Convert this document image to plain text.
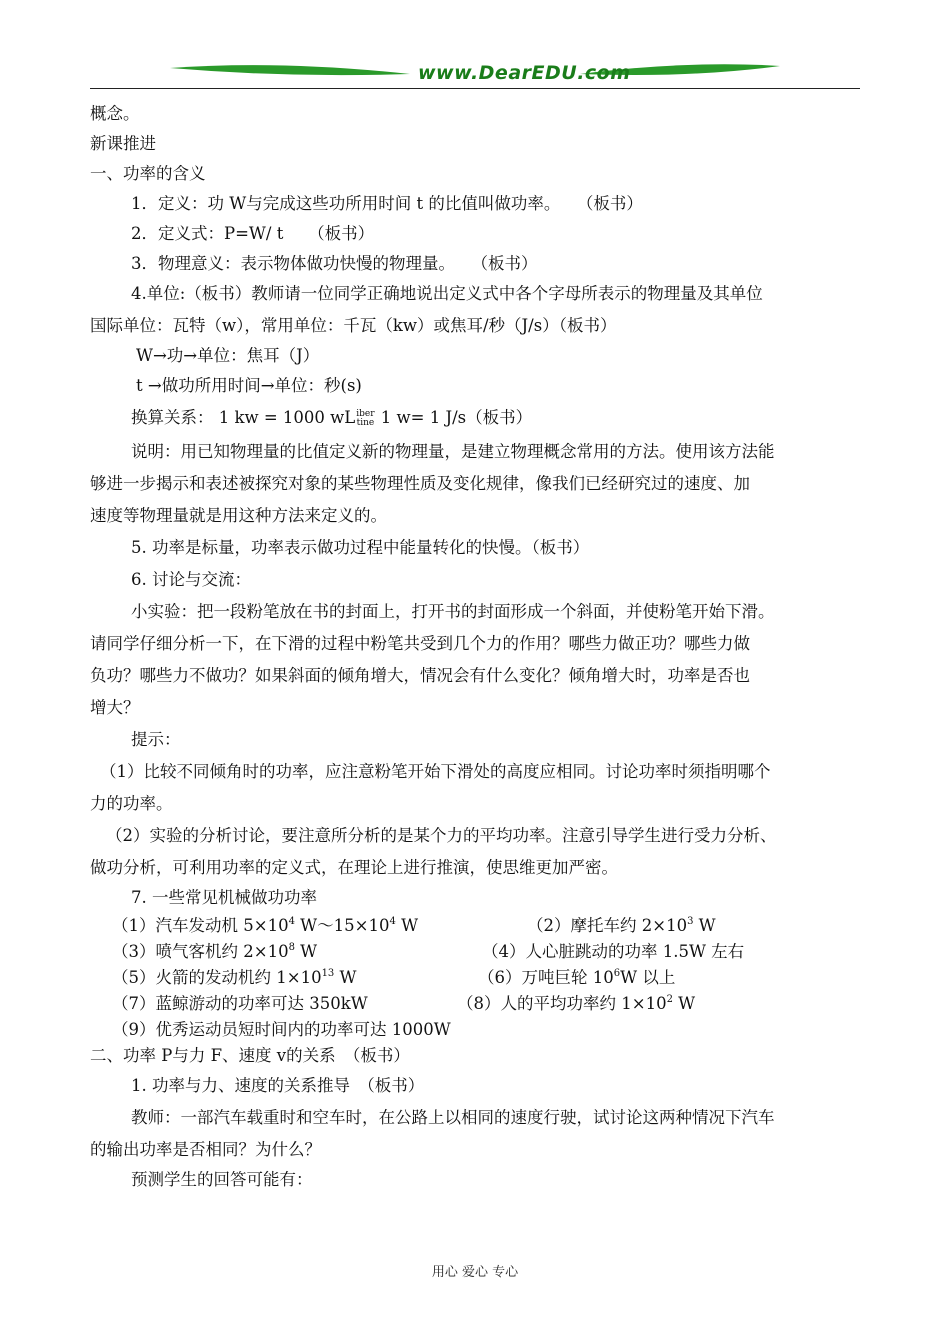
www.DearEDU.com
概念。
新课推进
一、功率的含义
1．定义：功 W与完成这些功所用时间 t 的比值叫做功率。　　（板书）
2．定义式：P=W/ t　　（板书）
3．物理意义：表示物体做功快慢的物理量。　　（板书）
4.单位:（板书）教师请一位同学正确地说出定义式中各个字母所表示的物理量及其单位
国际单位：瓦特（w），常用单位：千瓦（kw）或焦耳/秒（J/s）（板书）
W→功→单位：焦耳（J）
t →做功所用时间→单位：秒(s)
换算关系： 1 kw = 1000 wLiber
tine 1 w= 1 J/s（板书）
说明：用已知物理量的比值定义新的物理量，是建立物理概念常用的方法。使用该方法能
够进一步揭示和表述被探究对象的某些物理性质及变化规律，像我们已经研究过的速度、加
速度等物理量就是用这种方法来定义的。
5. 功率是标量，功率表示做功过程中能量转化的快慢。（板书）
6. 讨论与交流：
小实验：把一段粉笔放在书的封面上，打开书的封面形成一个斜面，并使粉笔开始下滑。
请同学仔细分析一下，在下滑的过程中粉笔共受到几个力的作用？哪些力做正功？哪些力做
负功？哪些力不做功？如果斜面的倾角增大，情况会有什么变化？倾角增大时，功率是否也
增大？
提示：
（1）比较不同倾角时的功率，应注意粉笔开始下滑处的高度应相同。讨论功率时须指明哪个
力的功率。
（2）实验的分析讨论，要注意所分析的是某个力的平均功率。注意引导学生进行受力分析、
做功分析，可利用功率的定义式，在理论上进行推演，使思维更加严密。
7. 一些常见机械做功功率
（1）汽车发动机 $5\times 10^4$ $W\sim 15\times 10^4$ W	（2）摩托车约 $2\times 10^3$ W
（3）喷气客机约 $2\times 10^8$ W	（4）人心脏跳动的功率 1.5W 左右
（5）火箭的发动机约 $1\times 10^{13}$ W	（6）万吨巨轮 $10^6W$ 以上
（7）蓝鲸游动的功率可达 350kW	（8）人的平均功率约 $1\times 10^2$ W
（9）优秀运动员短时间内的功率可达 1000W
二、功率 P与力 F、速度 v的关系　（板书）
1. 功率与力、速度的关系推导　（板书）
教师：一部汽车载重时和空车时，在公路上以相同的速度行驶，试讨论这两种情况下汽车
的输出功率是否相同？为什么？
预测学生的回答可能有：
用心 爱心 专心
